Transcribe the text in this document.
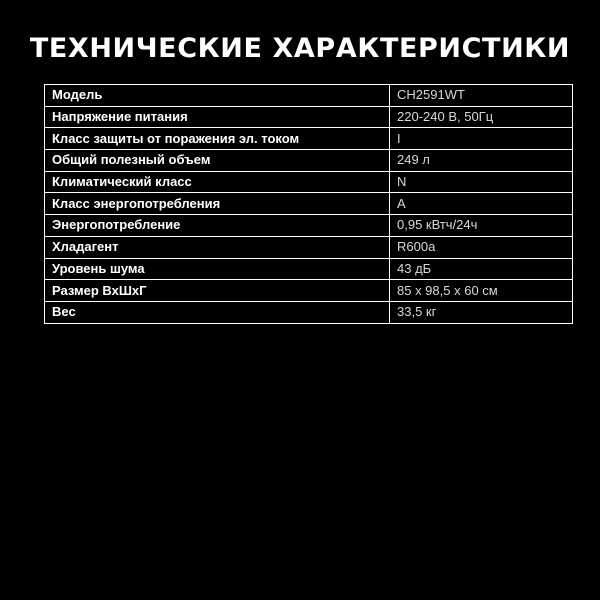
ТЕХНИЧЕСКИЕ ХАРАКТЕРИСТИКИ
Модель	CH2591WT
Напряжение питания	220-240 В, 50Гц
Класс защиты от поражения эл. током	I
Общий полезный объем	249 л
Климатический класс	N
Класс энергопотребления	A
Энергопотребление	0,95 кВтч/24ч
Хладагент	R600a
Уровень шума	43 дБ
Размер ВхШхГ	85 х 98,5 х 60 см
Вес	33,5 кг
